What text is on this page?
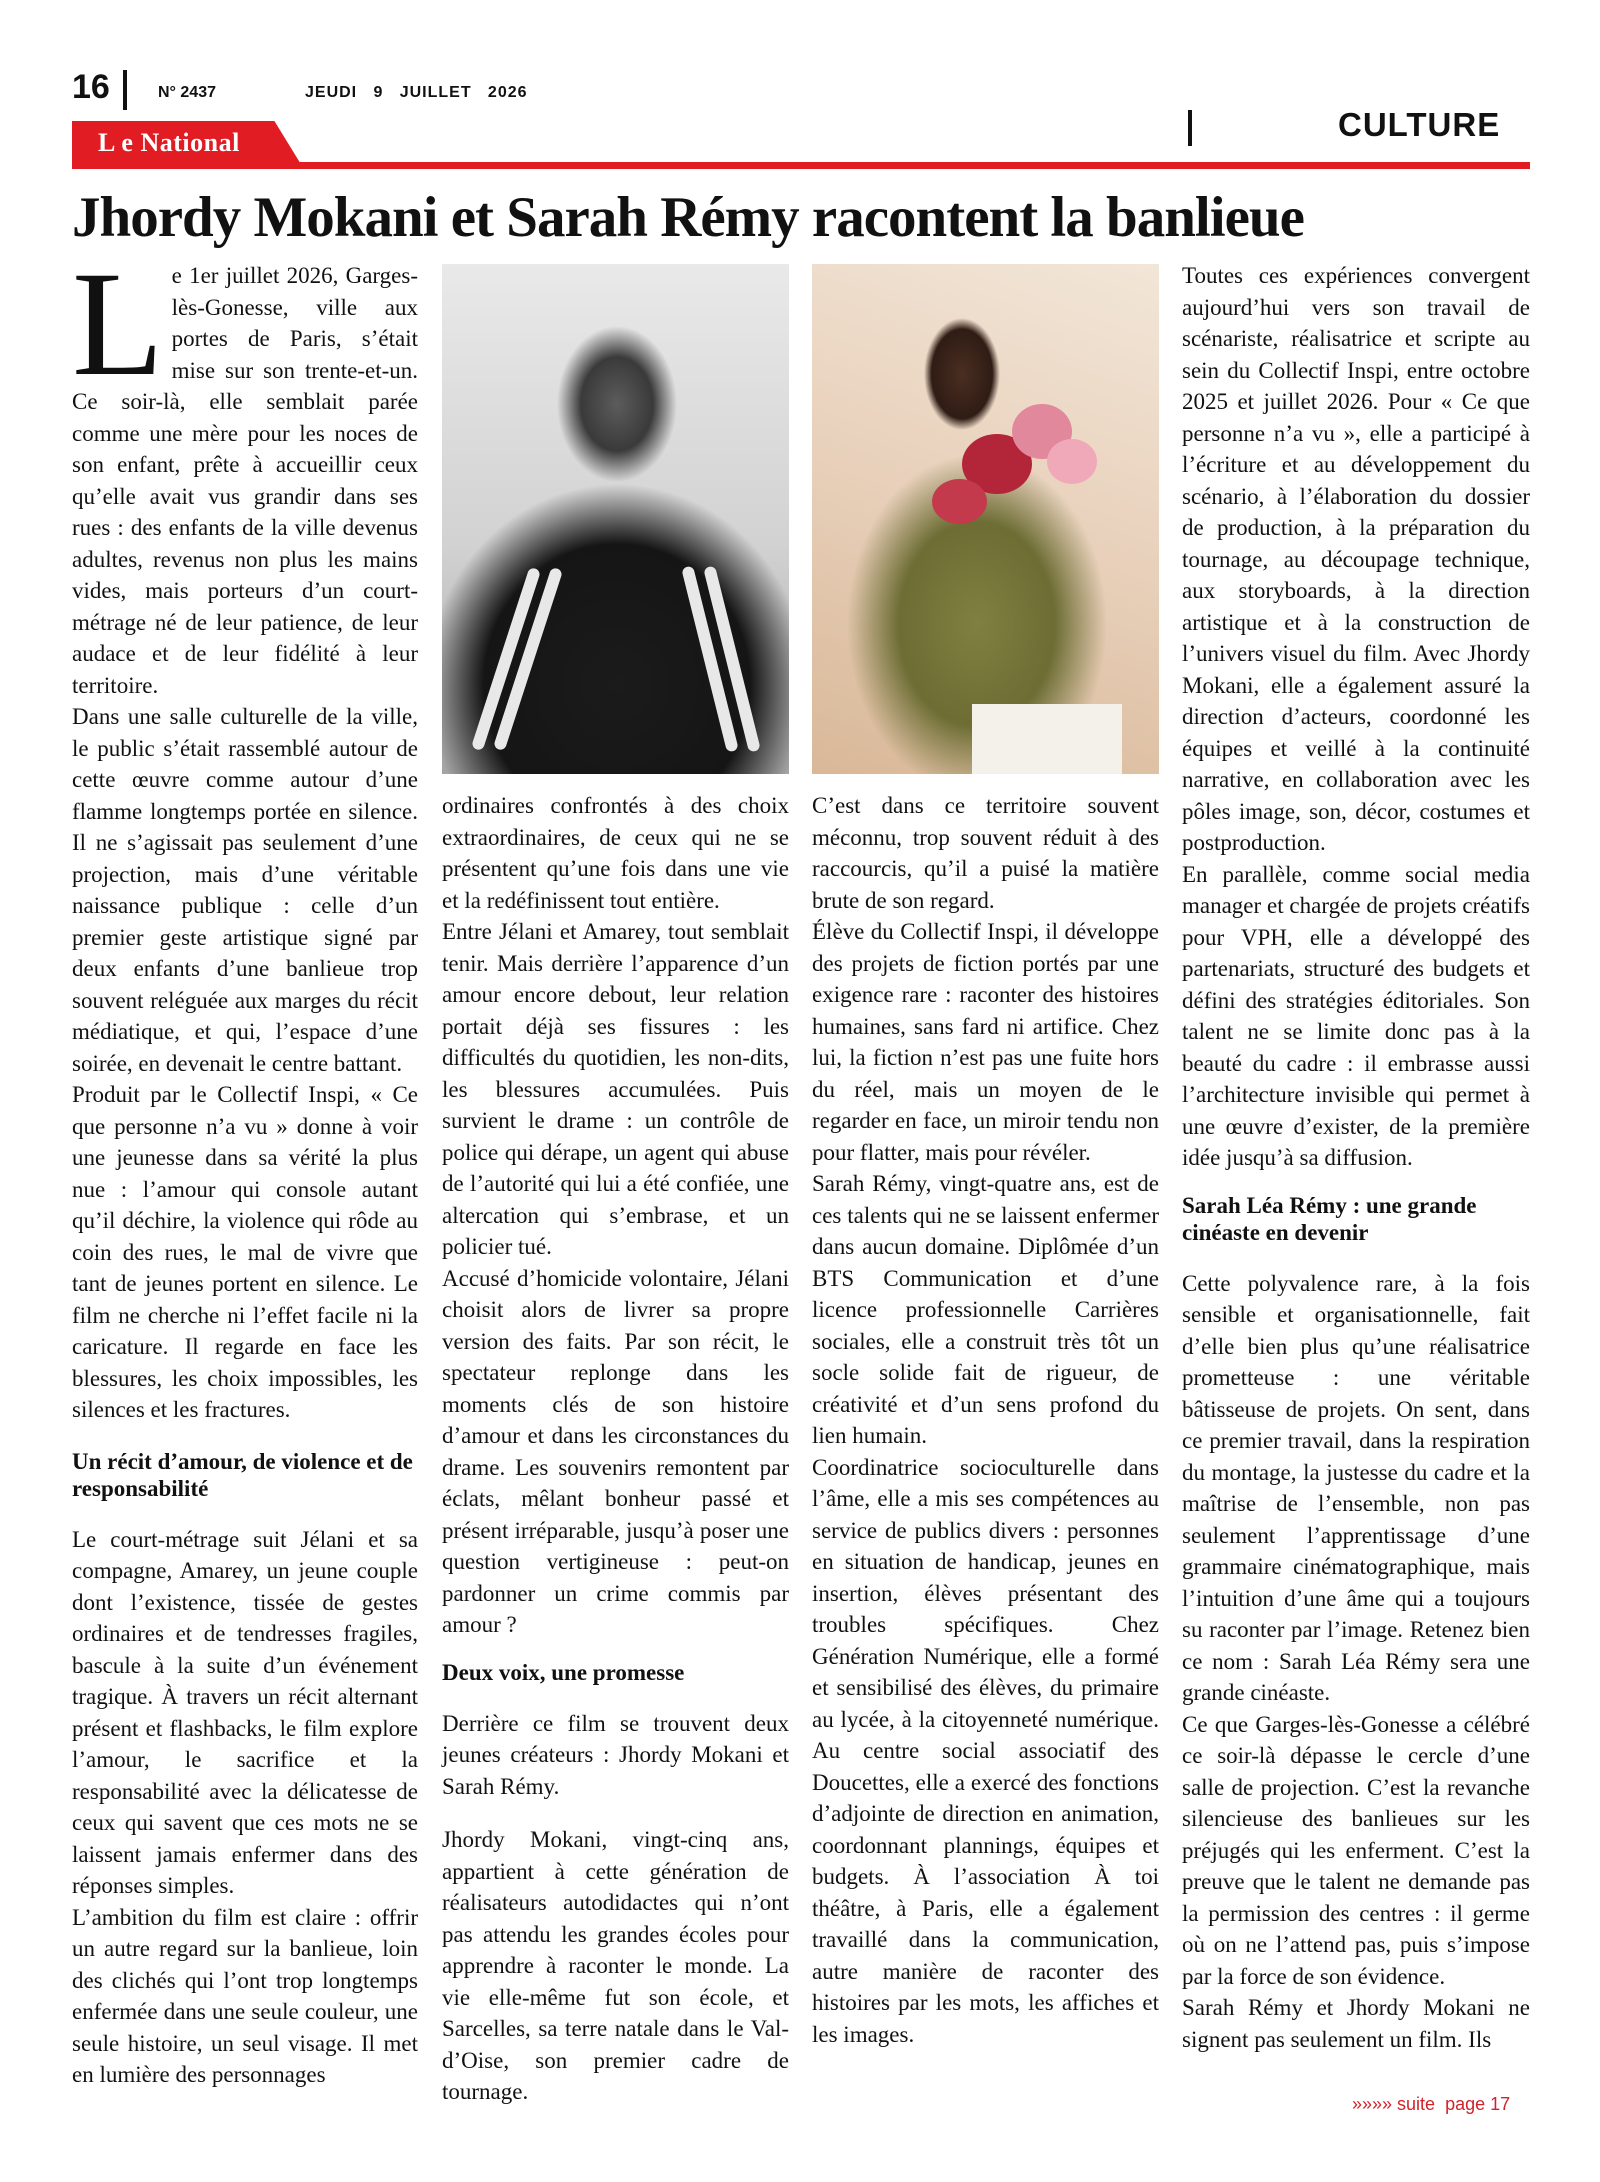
16	N° 2437	JEUDI   9   JUILLET   2026
CULTURE
L e National
Jhordy Mokani et Sarah Rémy racontent la banlieue

Le 1er juillet 2026, Garges-lès-Gonesse, ville aux portes de Paris, s’était mise sur son trente-et-un. Ce soir-là, elle semblait parée comme une mère pour les noces de son enfant, prête à accueillir ceux qu’elle avait vus grandir dans ses rues : des enfants de la ville devenus adultes, revenus non plus les mains vides, mais porteurs d’un court-métrage né de leur patience, de leur audace et de leur fidélité à leur territoire.

Dans une salle culturelle de la ville, le public s’était rassemblé autour de cette œuvre comme autour d’une flamme longtemps portée en silence. Il ne s’agissait pas seulement d’une projection, mais d’une véritable naissance publique : celle d’un premier geste artistique signé par deux enfants d’une banlieue trop souvent reléguée aux marges du récit médiatique, et qui, l’espace d’une soirée, en devenait le centre battant.

Produit par le Collectif Inspi, « Ce que personne n’a vu » donne à voir une jeunesse dans sa vérité la plus nue : l’amour qui console autant qu’il déchire, la violence qui rôde au coin des rues, le mal de vivre que tant de jeunes portent en silence. Le film ne cherche ni l’effet facile ni la caricature. Il regarde en face les blessures, les choix impossibles, les silences et les fractures.

Un récit d’amour, de violence et de responsabilité

Le court-métrage suit Jélani et sa compagne, Amarey, un jeune couple dont l’existence, tissée de gestes ordinaires et de tendresses fragiles, bascule à la suite d’un événement tragique. À travers un récit alternant présent et flashbacks, le film explore l’amour, le sacrifice et la responsabilité avec la délicatesse de ceux qui savent que ces mots ne se laissent jamais enfermer dans des réponses simples.

L’ambition du film est claire : offrir un autre regard sur la banlieue, loin des clichés qui l’ont trop longtemps enfermée dans une seule couleur, une seule histoire, un seul visage. Il met en lumière des personnages

ordinaires confrontés à des choix extraordinaires, de ceux qui ne se présentent qu’une fois dans une vie et la redéfinissent tout entière.

Entre Jélani et Amarey, tout semblait tenir. Mais derrière l’apparence d’un amour encore debout, leur relation portait déjà ses fissures : les difficultés du quotidien, les non-dits, les blessures accumulées. Puis survient le drame : un contrôle de police qui dérape, un agent qui abuse de l’autorité qui lui a été confiée, une altercation qui s’embrase, et un policier tué.

Accusé d’homicide volontaire, Jélani choisit alors de livrer sa propre version des faits. Par son récit, le spectateur replonge dans les moments clés de son histoire d’amour et dans les circonstances du drame. Les souvenirs remontent par éclats, mêlant bonheur passé et présent irréparable, jusqu’à poser une question vertigineuse : peut-on pardonner un crime commis par amour ?

Deux voix, une promesse

Derrière ce film se trouvent deux jeunes créateurs : Jhordy Mokani et Sarah Rémy.

Jhordy Mokani, vingt-cinq ans, appartient à cette génération de réalisateurs autodidactes qui n’ont pas attendu les grandes écoles pour apprendre à raconter le monde. La vie elle-même fut son école, et Sarcelles, sa terre natale dans le Val-d’Oise, son premier cadre de tournage.

C’est dans ce territoire souvent méconnu, trop souvent réduit à des raccourcis, qu’il a puisé la matière brute de son regard.

Élève du Collectif Inspi, il développe des projets de fiction portés par une exigence rare : raconter des histoires humaines, sans fard ni artifice. Chez lui, la fiction n’est pas une fuite hors du réel, mais un moyen de le regarder en face, un miroir tendu non pour flatter, mais pour révéler.

Sarah Rémy, vingt-quatre ans, est de ces talents qui ne se laissent enfermer dans aucun domaine. Diplômée d’un BTS Communication et d’une licence professionnelle Carrières sociales, elle a construit très tôt un socle solide fait de rigueur, de créativité et d’un sens profond du lien humain.

Coordinatrice socioculturelle dans l’âme, elle a mis ses compétences au service de publics divers : personnes en situation de handicap, jeunes en insertion, élèves présentant des troubles spécifiques. Chez Génération Numérique, elle a formé et sensibilisé des élèves, du primaire au lycée, à la citoyenneté numérique. Au centre social associatif des Doucettes, elle a exercé des fonctions d’adjointe de direction en animation, coordonnant plannings, équipes et budgets. À l’association À toi théâtre, à Paris, elle a également travaillé dans la communication, autre manière de raconter des histoires par les mots, les affiches et les images.

Toutes ces expériences convergent aujourd’hui vers son travail de scénariste, réalisatrice et scripte au sein du Collectif Inspi, entre octobre 2025 et juillet 2026. Pour « Ce que personne n’a vu », elle a participé à l’écriture et au développement du scénario, à l’élaboration du dossier de production, à la préparation du tournage, au découpage technique, aux storyboards, à la direction artistique et à la construction de l’univers visuel du film. Avec Jhordy Mokani, elle a également assuré la direction d’acteurs, coordonné les équipes et veillé à la continuité narrative, en collaboration avec les pôles image, son, décor, costumes et postproduction.

En parallèle, comme social media manager et chargée de projets créatifs pour VPH, elle a développé des partenariats, structuré des budgets et défini des stratégies éditoriales. Son talent ne se limite donc pas à la beauté du cadre : il embrasse aussi l’architecture invisible qui permet à une œuvre d’exister, de la première idée jusqu’à sa diffusion.

Sarah Léa Rémy : une grande cinéaste en devenir

Cette polyvalence rare, à la fois sensible et organisationnelle, fait d’elle bien plus qu’une réalisatrice prometteuse : une véritable bâtisseuse de projets. On sent, dans ce premier travail, dans la respiration du montage, la justesse du cadre et la maîtrise de l’ensemble, non pas seulement l’apprentissage d’une grammaire cinématographique, mais l’intuition d’une âme qui a toujours su raconter par l’image. Retenez bien ce nom : Sarah Léa Rémy sera une grande cinéaste.

Ce que Garges-lès-Gonesse a célébré ce soir-là dépasse le cercle d’une salle de projection. C’est la revanche silencieuse des banlieues sur les préjugés qui les enferment. C’est la preuve que le talent ne demande pas la permission des centres : il germe où on ne l’attend pas, puis s’impose par la force de son évidence.

Sarah Rémy et Jhordy Mokani ne signent pas seulement un film. Ils

»»»» suite  page 17
